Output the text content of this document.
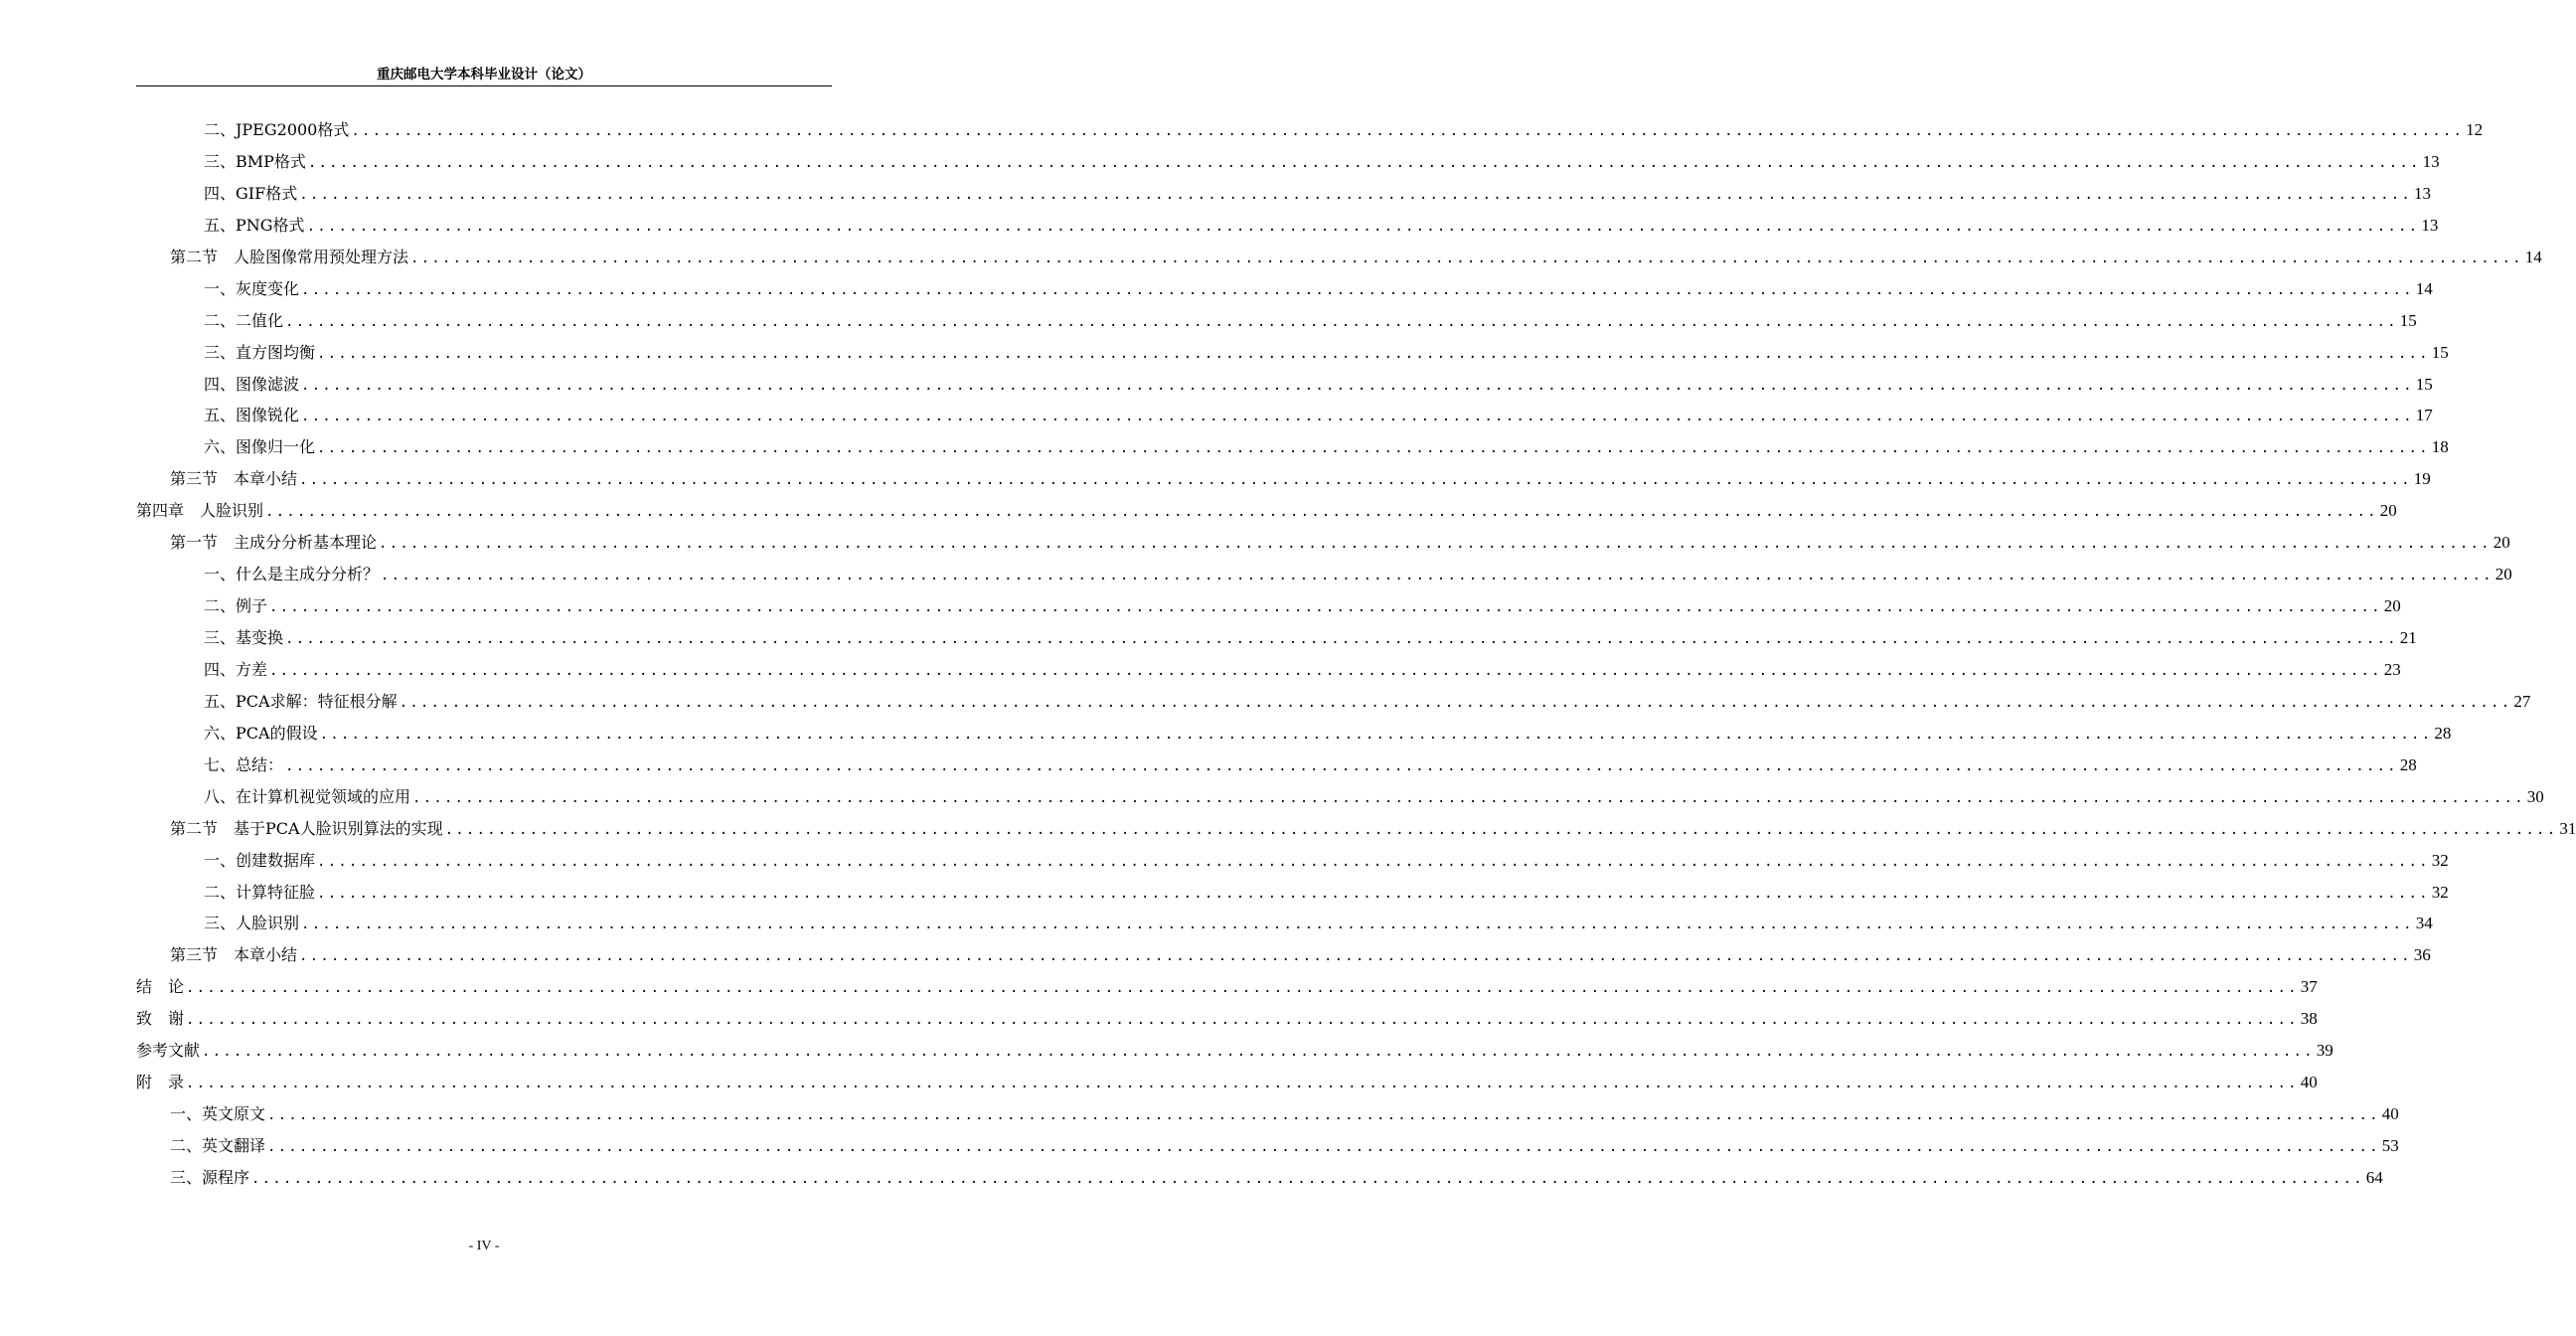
重庆邮电大学本科毕业设计（论文）
二、JPEG2000格式 ........................................................................................................................................................................................................ 12
三、BMP格式 ........................................................................................................................................................................................................ 13
四、GIF格式 ........................................................................................................................................................................................................ 13
五、PNG格式 ........................................................................................................................................................................................................ 13
第二节　人脸图像常用预处理方法 ........................................................................................................................................................................................................ 14
一、灰度变化 ........................................................................................................................................................................................................ 14
二、二值化 ........................................................................................................................................................................................................ 15
三、直方图均衡 ........................................................................................................................................................................................................ 15
四、图像滤波 ........................................................................................................................................................................................................ 15
五、图像锐化 ........................................................................................................................................................................................................ 17
六、图像归一化 ........................................................................................................................................................................................................ 18
第三节　本章小结 ........................................................................................................................................................................................................ 19
第四章　人脸识别 ........................................................................................................................................................................................................ 20
第一节　主成分分析基本理论 ........................................................................................................................................................................................................ 20
一、什么是主成分分析？ ........................................................................................................................................................................................................ 20
二、例子 ........................................................................................................................................................................................................ 20
三、基变换 ........................................................................................................................................................................................................ 21
四、方差 ........................................................................................................................................................................................................ 23
五、PCA求解：特征根分解 ........................................................................................................................................................................................................ 27
六、PCA的假设 ........................................................................................................................................................................................................ 28
七、总结： ........................................................................................................................................................................................................ 28
八、在计算机视觉领域的应用 ........................................................................................................................................................................................................ 30
第二节　基于PCA人脸识别算法的实现 ........................................................................................................................................................................................................ 31
一、创建数据库 ........................................................................................................................................................................................................ 32
二、计算特征脸 ........................................................................................................................................................................................................ 32
三、人脸识别 ........................................................................................................................................................................................................ 34
第三节　本章小结 ........................................................................................................................................................................................................ 36
结　论 ........................................................................................................................................................................................................ 37
致　谢 ........................................................................................................................................................................................................ 38
参考文献 ........................................................................................................................................................................................................ 39
附　录 ........................................................................................................................................................................................................ 40
一、英文原文 ........................................................................................................................................................................................................ 40
二、英文翻译 ........................................................................................................................................................................................................ 53
三、源程序 ........................................................................................................................................................................................................ 64
- IV -
